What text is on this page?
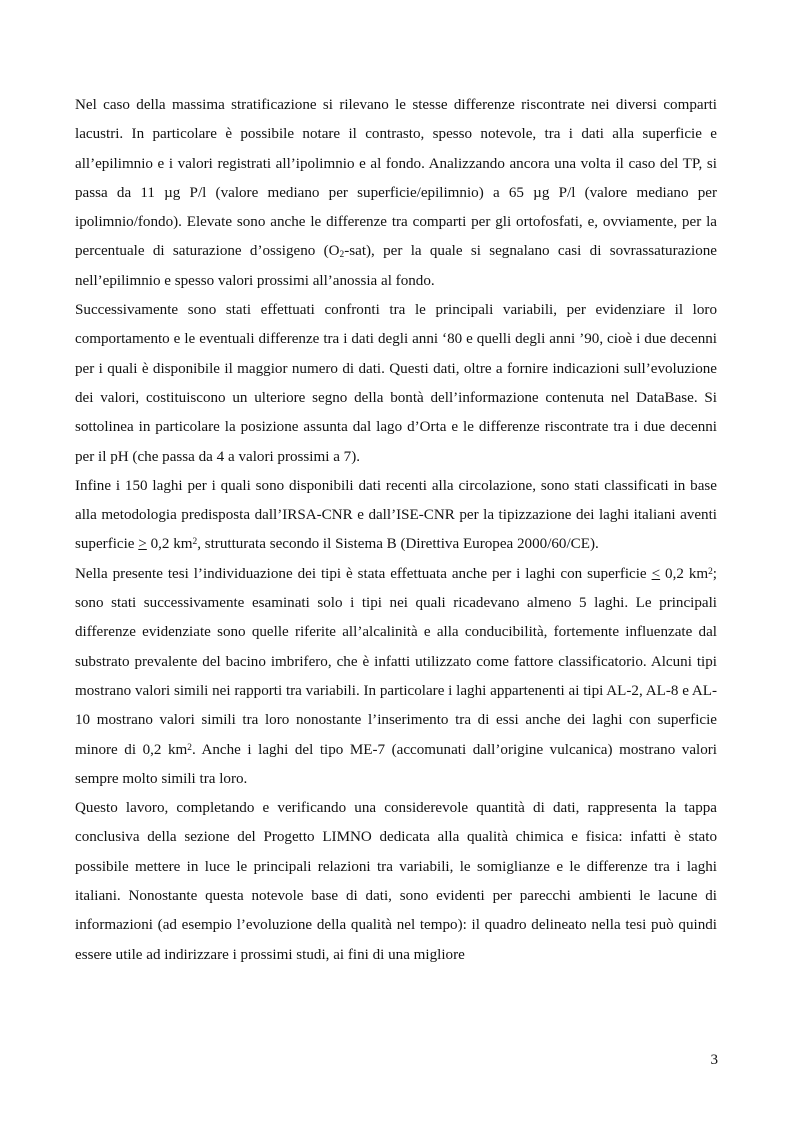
Nel caso della massima stratificazione si rilevano le stesse differenze riscontrate nei diversi comparti lacustri. In particolare è possibile notare il contrasto, spesso notevole, tra i dati alla superficie e all’epilimnio e i valori registrati all’ipolimnio e al fondo. Analizzando ancora una volta il caso del TP, si passa da 11 µg P/l (valore mediano per superficie/epilimnio) a 65 µg P/l (valore mediano per ipolimnio/fondo). Elevate sono anche le differenze tra comparti per gli ortofosfati, e, ovviamente, per la percentuale di saturazione d’ossigeno $(O_2-sat)$, per la quale si segnalano casi di sovrassaturazione nell’epilimnio e spesso valori prossimi all’anossia al fondo.

Successivamente sono stati effettuati confronti tra le principali variabili, per evidenziare il loro comportamento e le eventuali differenze tra i dati degli anni ‘80 e quelli degli anni ’90, cioè i due decenni per i quali è disponibile il maggior numero di dati. Questi dati, oltre a fornire indicazioni sull’evoluzione dei valori, costituiscono un ulteriore segno della bontà dell’informazione contenuta nel DataBase. Si sottolinea in particolare la posizione assunta dal lago d’Orta e le differenze riscontrate tra i due decenni per il pH (che passa da 4 a valori prossimi a 7).

Infine i 150 laghi per i quali sono disponibili dati recenti alla circolazione, sono stati classificati in base alla metodologia predisposta dall’IRSA-CNR e dall’ISE-CNR per la tipizzazione dei laghi italiani aventi superficie ≥ 0,2 $km^2$, strutturata secondo il Sistema B (Direttiva Europea 2000/60/CE).

Nella presente tesi l’individuazione dei tipi è stata effettuata anche per i laghi con superficie ≤ 0,2 $km^2$; sono stati successivamente esaminati solo i tipi nei quali ricadevano almeno 5 laghi. Le principali differenze evidenziate sono quelle riferite all’alcalinità e alla conducibilità, fortemente influenzate dal substrato prevalente del bacino imbrifero, che è infatti utilizzato come fattore classificatorio. Alcuni tipi mostrano valori simili nei rapporti tra variabili. In particolare i laghi appartenenti ai tipi AL-2, AL-8 e AL-10 mostrano valori simili tra loro nonostante l’inserimento tra di essi anche dei laghi con superficie minore di 0,2 $km^2$. Anche i laghi del tipo ME-7 (accomunati dall’origine vulcanica) mostrano valori sempre molto simili tra loro.

Questo lavoro, completando e verificando una considerevole quantità di dati, rappresenta la tappa conclusiva della sezione del Progetto LIMNO dedicata alla qualità chimica e fisica: infatti è stato possibile mettere in luce le principali relazioni tra variabili, le somiglianze e le differenze tra i laghi italiani. Nonostante questa notevole base di dati, sono evidenti per parecchi ambienti le lacune di informazioni (ad esempio l’evoluzione della qualità nel tempo): il quadro delineato nella tesi può quindi essere utile ad indirizzare i prossimi studi, ai fini di una migliore

3
